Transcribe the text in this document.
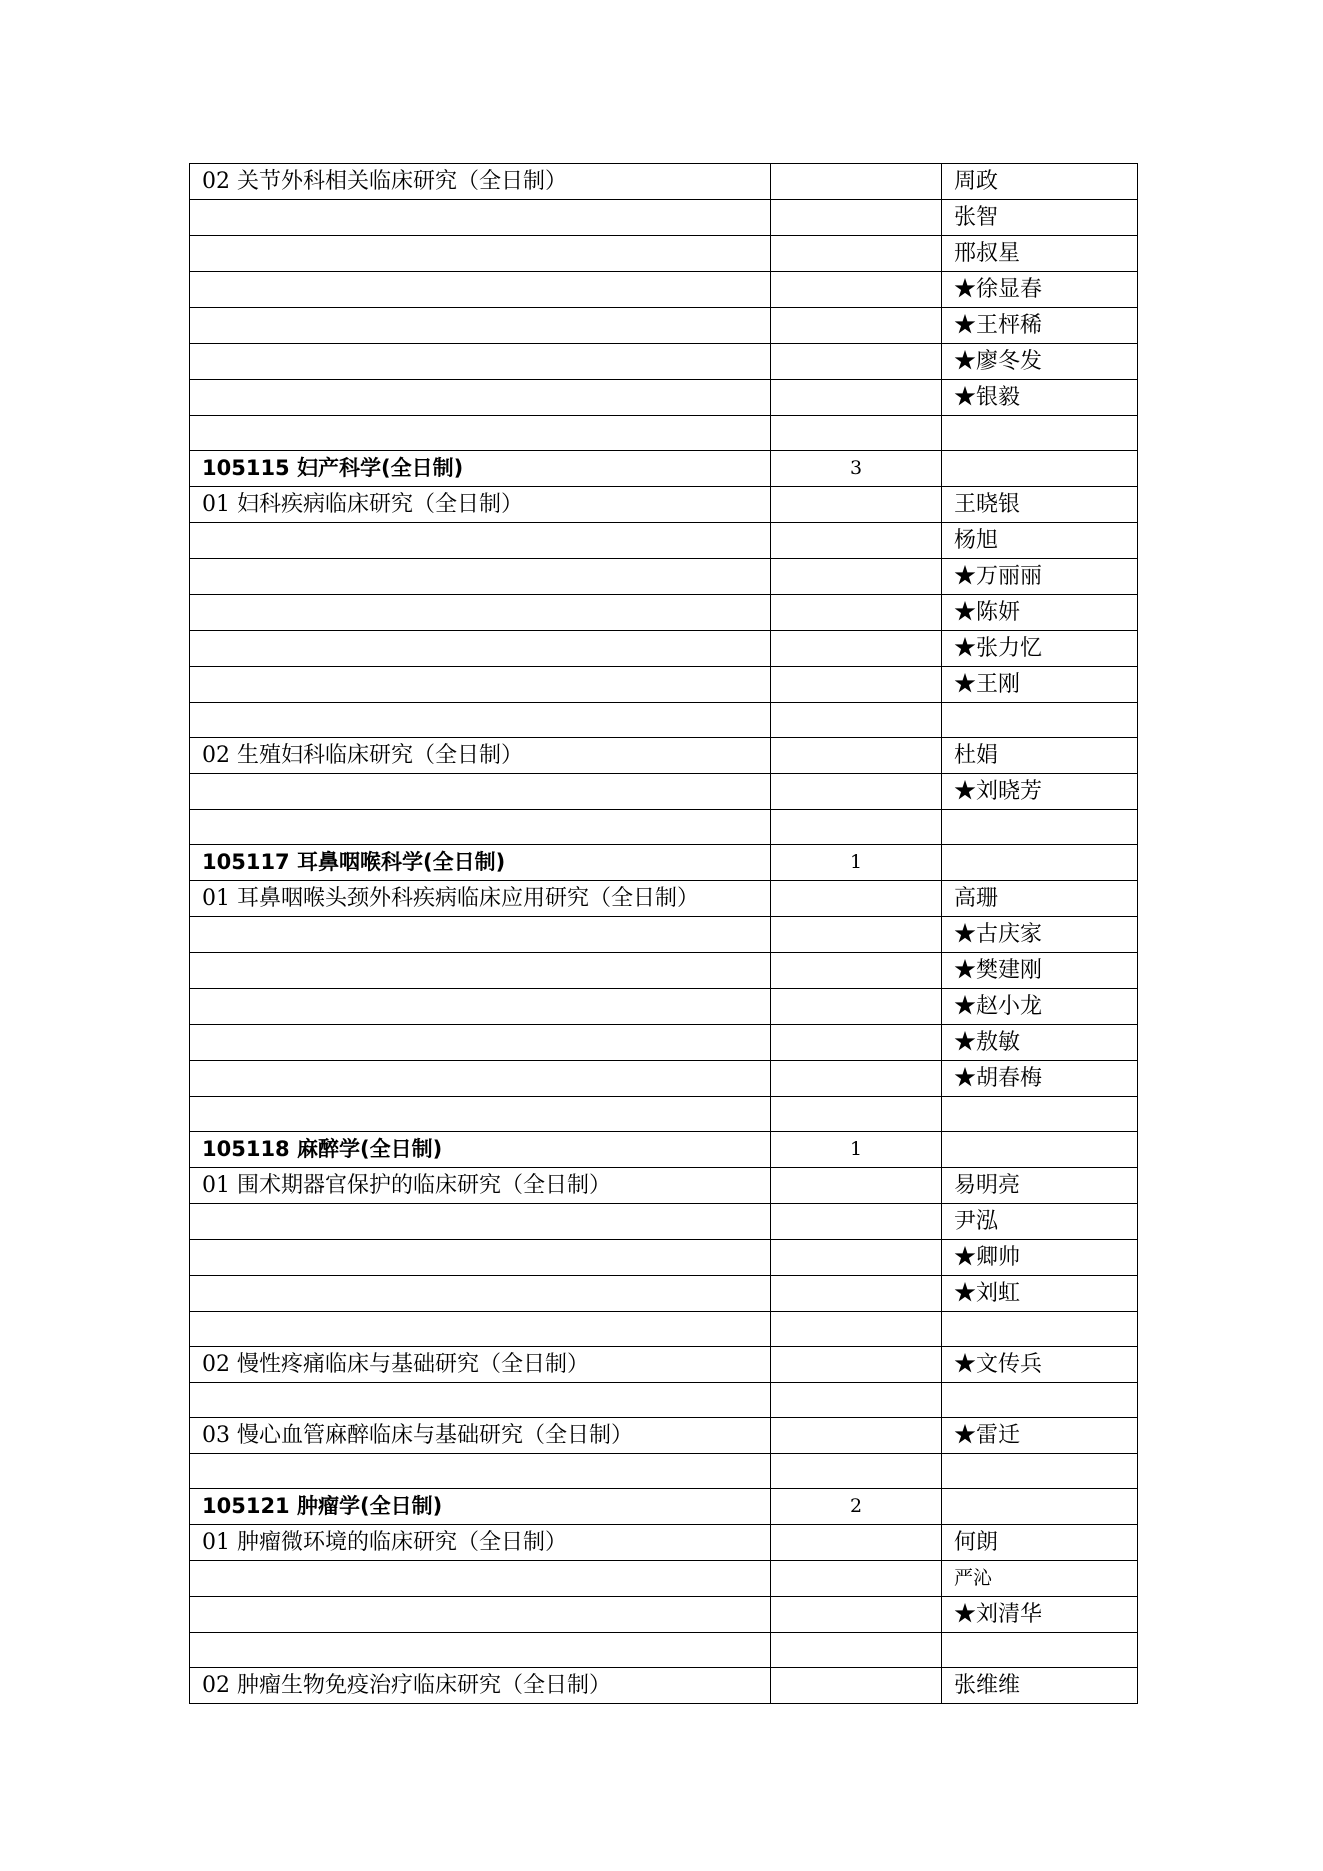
02 关节外科相关临床研究（全日制）		周政
		张智
		邢叔星
		★徐显春
		★王枰稀
		★廖冬发
		★银毅

105115 妇产科学(全日制)	3	
01 妇科疾病临床研究（全日制）		王晓银
		杨旭
		★万丽丽
		★陈妍
		★张力忆
		★王刚

02 生殖妇科临床研究（全日制）		杜娟
		★刘晓芳

105117 耳鼻咽喉科学(全日制)	1	
01 耳鼻咽喉头颈外科疾病临床应用研究（全日制）		高珊
		★古庆家
		★樊建刚
		★赵小龙
		★敖敏
		★胡春梅

105118 麻醉学(全日制)	1	
01 围术期器官保护的临床研究（全日制）		易明亮
		尹泓
		★卿帅
		★刘虹

02 慢性疼痛临床与基础研究（全日制）		★文传兵

03 慢心血管麻醉临床与基础研究（全日制）		★雷迁

105121 肿瘤学(全日制)	2	
01 肿瘤微环境的临床研究（全日制）		何朗
		严沁
		★刘清华

02 肿瘤生物免疫治疗临床研究（全日制）		张维维
